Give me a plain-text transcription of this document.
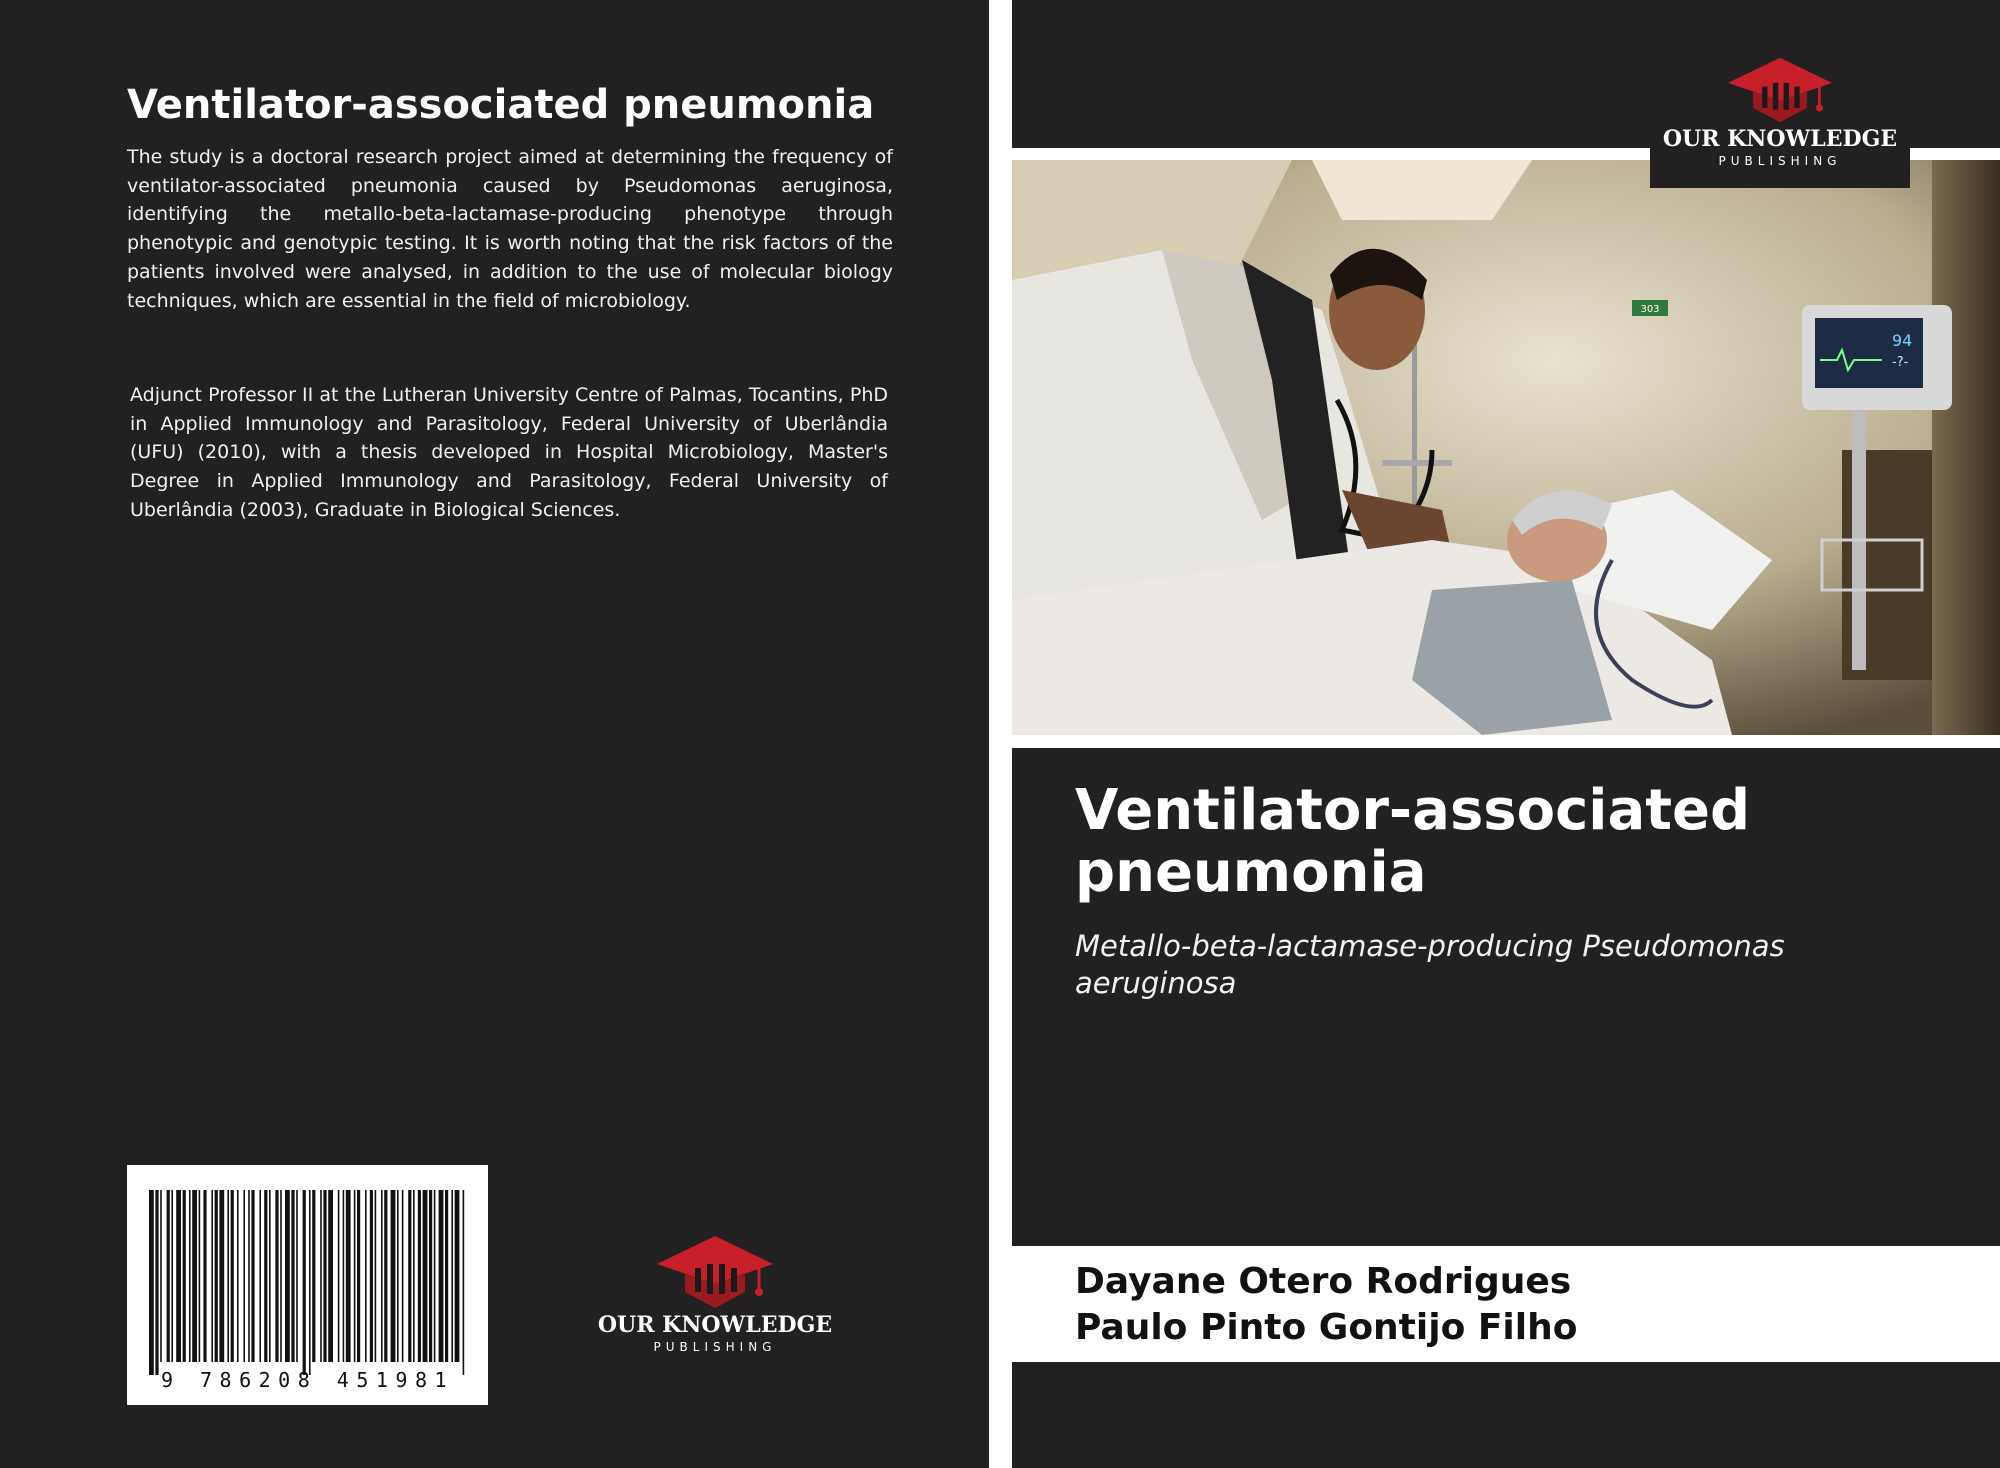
Ventilator-associated pneumonia

The study is a doctoral research project aimed at determining the frequency of ventilator-associated pneumonia caused by Pseudomonas aeruginosa, identifying the metallo-beta-lactamase-producing phenotype through phenotypic and genotypic testing. It is worth noting that the risk factors of the patients involved were analysed, in addition to the use of molecular biology techniques, which are essential in the field of microbiology.

Adjunct Professor II at the Lutheran University Centre of Palmas, Tocantins, PhD in Applied Immunology and Parasitology, Federal University of Uberlândia (UFU) (2010), with a thesis developed in Hospital Microbiology, Master's Degree in Applied Immunology and Parasitology, Federal University of Uberlândia (2003), Graduate in Biological Sciences.

9 786208 451981
OUR KNOWLEDGE
PUBLISHING
94
-?-
303
OUR KNOWLEDGE
PUBLISHING
Ventilator-associated pneumonia

Metallo-beta-lactamase-producing Pseudomonas aeruginosa

Dayane Otero Rodrigues
Paulo Pinto Gontijo Filho
